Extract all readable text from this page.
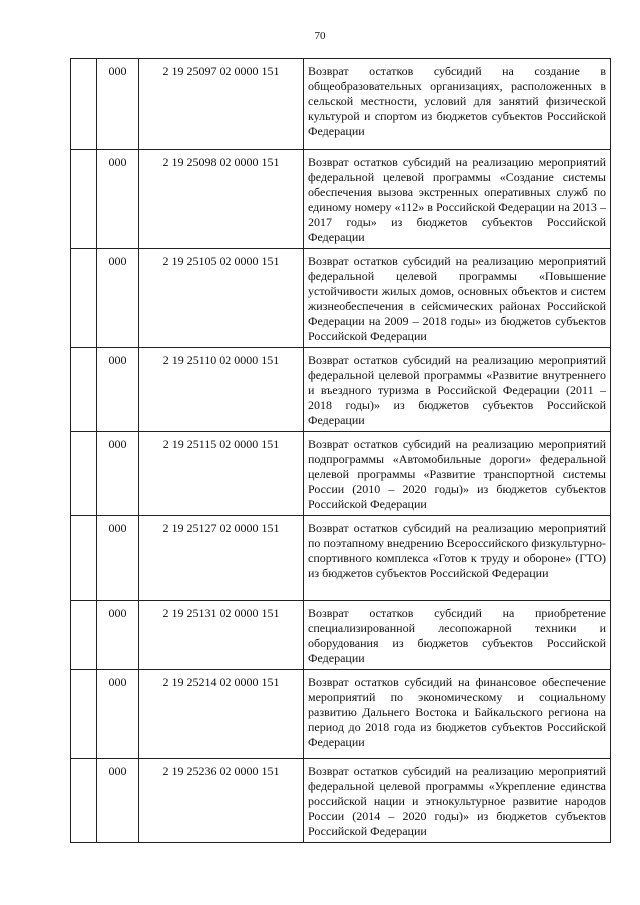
70
	000	2 19 25097 02 0000 151	Возврат остатков субсидий на создание в общеобразовательных организациях, расположенных в сельской местности, условий для занятий физической культурой и спортом из бюджетов субъектов Российской Федерации
	000	2 19 25098 02 0000 151	Возврат остатков субсидий на реализацию мероприятий федеральной целевой программы «Создание системы обеспечения вызова экстренных оперативных служб по единому номеру «112» в Российской Федерации на 2013 – 2017 годы» из бюджетов субъектов Российской Федерации
	000	2 19 25105 02 0000 151	Возврат остатков субсидий на реализацию мероприятий федеральной целевой программы «Повышение устойчивости жилых домов, основных объектов и систем жизнеобеспечения в сейсмических районах Российской Федерации на 2009 – 2018 годы» из бюджетов субъектов Российской Федерации
	000	2 19 25110 02 0000 151	Возврат остатков субсидий на реализацию мероприятий федеральной целевой программы «Развитие внутреннего и въездного туризма в Российской Федерации (2011 – 2018 годы)» из бюджетов субъектов Российской Федерации
	000	2 19 25115 02 0000 151	Возврат остатков субсидий на реализацию мероприятий подпрограммы «Автомобильные дороги» федеральной целевой программы «Развитие транспортной системы России (2010 – 2020 годы)» из бюджетов субъектов Российской Федерации
	000	2 19 25127 02 0000 151	Возврат остатков субсидий на реализацию мероприятий по поэтапному внедрению Всероссийского физкультурно-спортивного комплекса «Готов к труду и обороне» (ГТО) из бюджетов субъектов Российской Федерации
	000	2 19 25131 02 0000 151	Возврат остатков субсидий на приобретение специализированной лесопожарной техники и оборудования из бюджетов субъектов Российской Федерации
	000	2 19 25214 02 0000 151	Возврат остатков субсидий на финансовое обеспечение мероприятий по экономическому и социальному развитию Дальнего Востока и Байкальского региона на период до 2018 года из бюджетов субъектов Российской Федерации
	000	2 19 25236 02 0000 151	Возврат остатков субсидий на реализацию мероприятий федеральной целевой программы «Укрепление единства российской нации и этнокультурное развитие народов России (2014 – 2020 годы)» из бюджетов субъектов Российской Федерации
